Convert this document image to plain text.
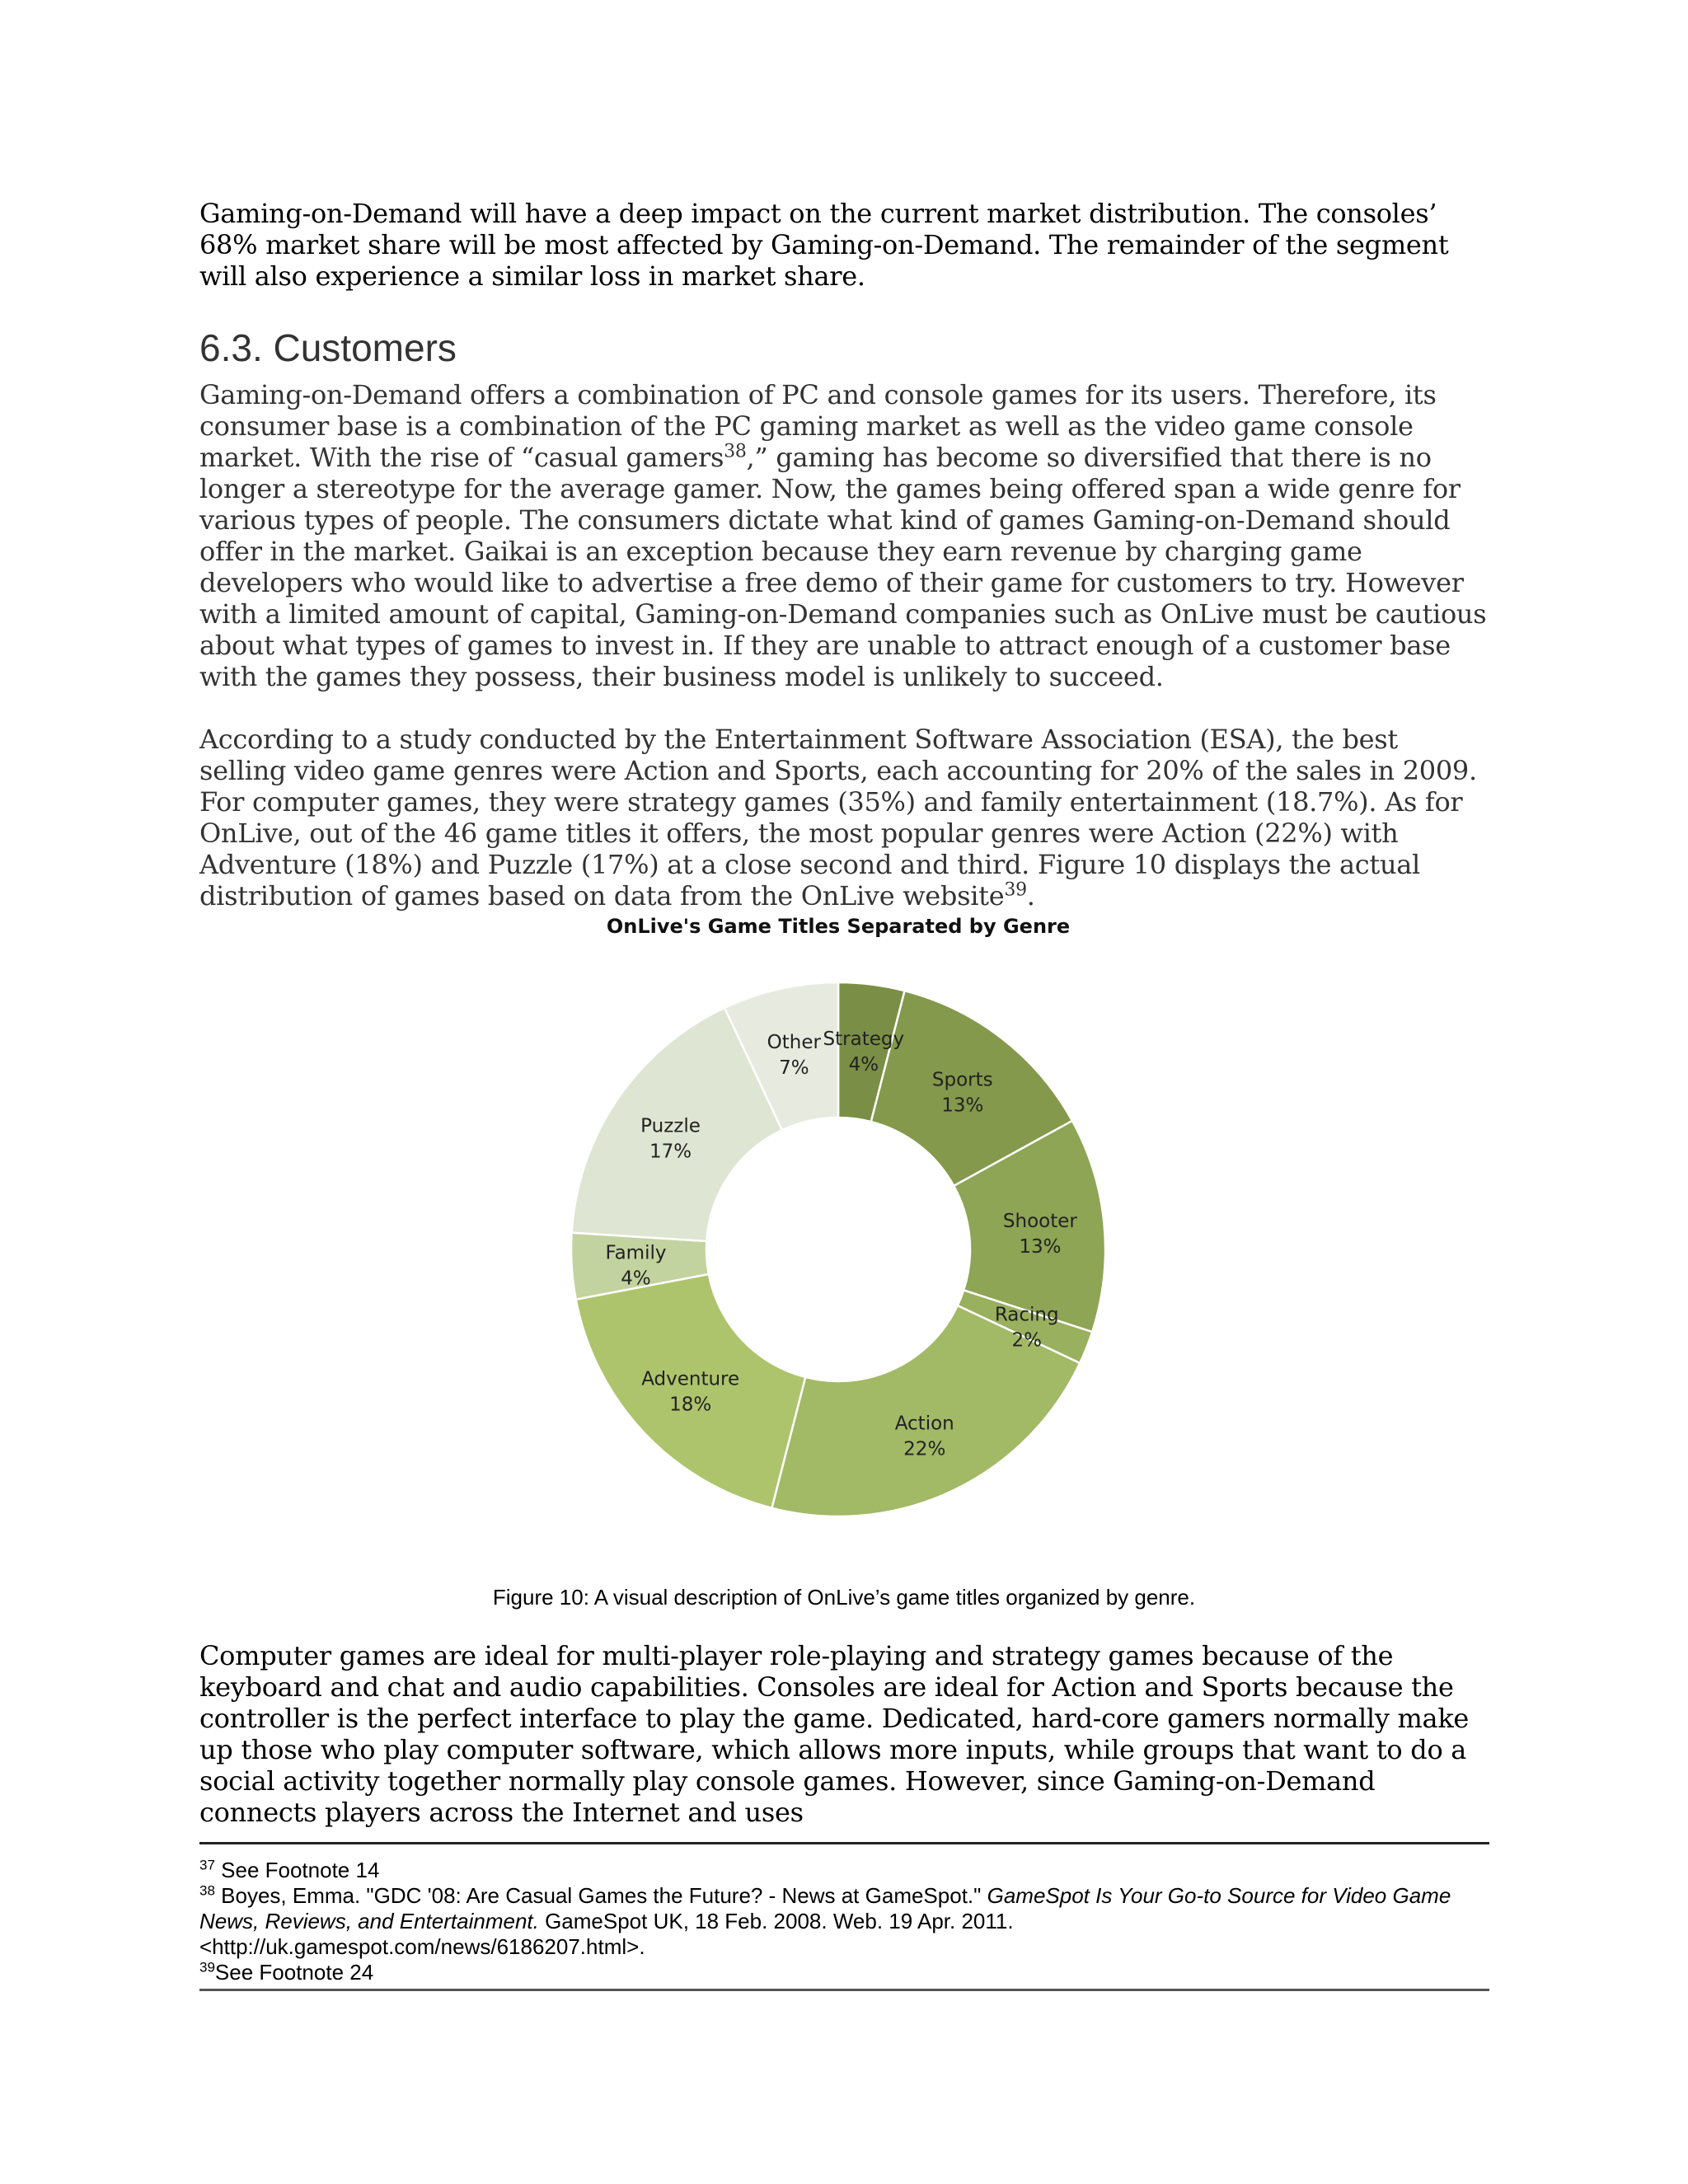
Gaming-on-Demand will have a deep impact on the current market distribution. The consoles’ 68% market share will be most affected by Gaming-on-Demand. The remainder of the segment will also experience a similar loss in market share.

6.3. Customers

Gaming-on-Demand offers a combination of PC and console games for its users. Therefore, its consumer base is a combination of the PC gaming market as well as the video game console market. With the rise of “casual gamers$^{38}$,” gaming has become so diversified that there is no longer a stereotype for the average gamer. Now, the games being offered span a wide genre for various types of people. The consumers dictate what kind of games Gaming-on-Demand should offer in the market. Gaikai is an exception because they earn revenue by charging game developers who would like to advertise a free demo of their game for customers to try. However with a limited amount of capital, Gaming-on-Demand companies such as OnLive must be cautious about what types of games to invest in. If they are unable to attract enough of a customer base with the games they possess, their business model is unlikely to succeed.

According to a study conducted by the Entertainment Software Association (ESA), the best selling video game genres were Action and Sports, each accounting for 20% of the sales in 2009. For computer games, they were strategy games (35%) and family entertainment (18.7%). As for OnLive, out of the 46 game titles it offers, the most popular genres were Action (22%) with Adventure (18%) and Puzzle (17%) at a close second and third. Figure 10 displays the actual distribution of games based on data from the OnLive website$^{39}$.

OnLive's Game Titles Separated by Genre
Strategy 4%
Sports 13%
Shooter 13%
Racing 2%
Action 22%
Adventure 18%
Family 4%
Puzzle 17%
Other 7%

Figure 10: A visual description of OnLive’s game titles organized by genre.

Computer games are ideal for multi-player role-playing and strategy games because of the keyboard and chat and audio capabilities. Consoles are ideal for Action and Sports because the controller is the perfect interface to play the game. Dedicated, hard-core gamers normally make up those who play computer software, which allows more inputs, while groups that want to do a social activity together normally play console games. However, since Gaming-on-Demand connects players across the Internet and uses

$^{37}$ See Footnote 14

$^{38}$ Boyes, Emma. "GDC '08: Are Casual Games the Future? - News at GameSpot." GameSpot Is Your Go-to Source for Video Game News, Reviews, and Entertainment. GameSpot UK, 18 Feb. 2008. Web. 19 Apr. 2011.
<http://uk.gamespot.com/news/6186207.html>.

$^{39}$See Footnote 24
